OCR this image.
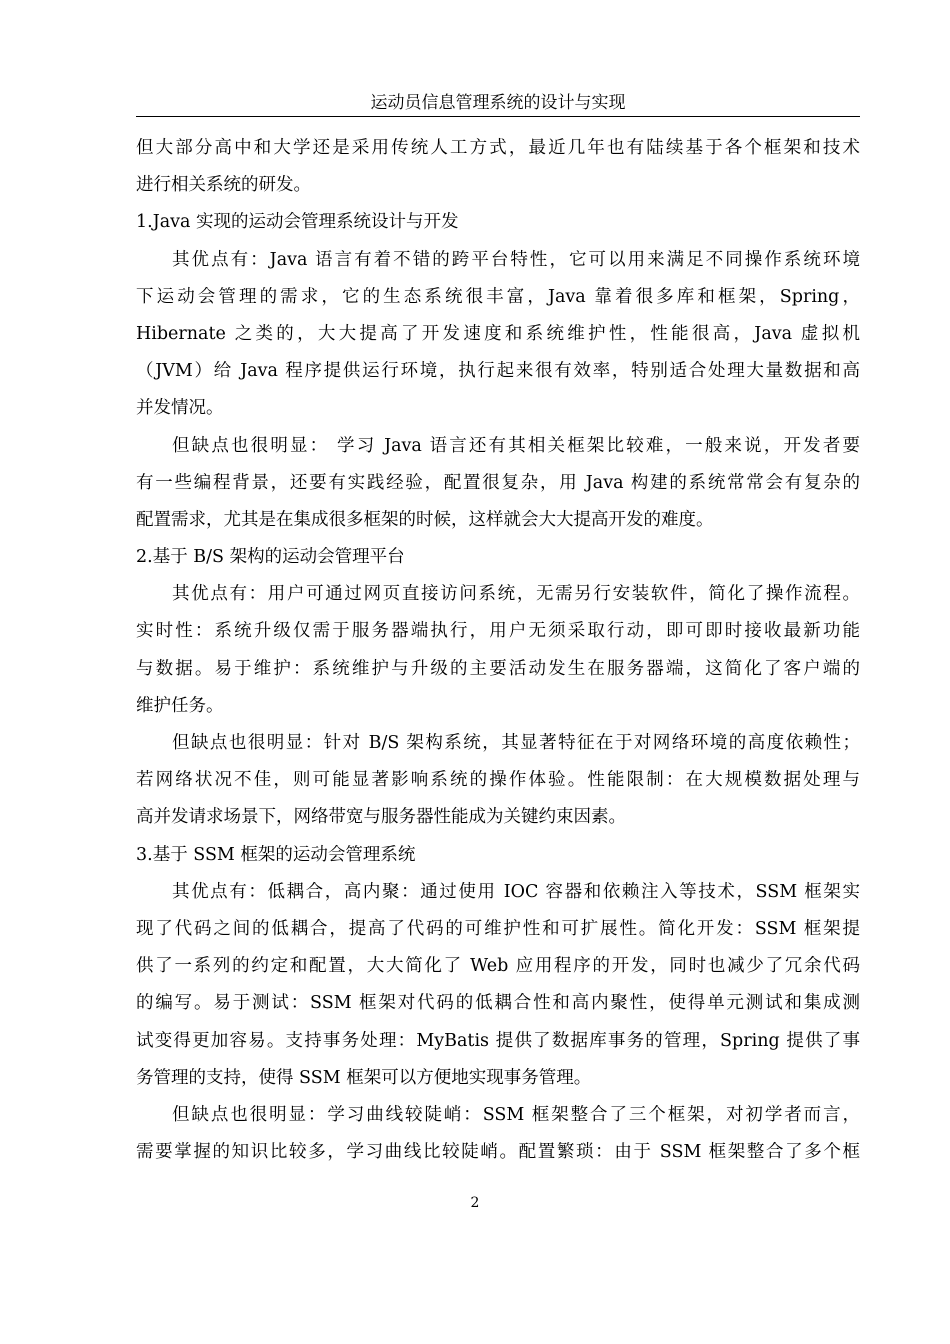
运动员信息管理系统的设计与实现
但大部分高中和大学还是采用传统人工方式，最近几年也有陆续基于各个框架和技术
进行相关系统的研发。
1.Java 实现的运动会管理系统设计与开发
其优点有：Java 语言有着不错的跨平台特性，它可以用来满足不同操作系统环境
下运动会管理的需求，它的生态系统很丰富，Java 靠着很多库和框架，Spring，
Hibernate 之类的，大大提高了开发速度和系统维护性，性能很高，Java 虚拟机
（JVM）给 Java 程序提供运行环境，执行起来很有效率，特别适合处理大量数据和高
并发情况。
但缺点也很明显： 学习 Java 语言还有其相关框架比较难，一般来说，开发者要
有一些编程背景，还要有实践经验，配置很复杂，用 Java 构建的系统常常会有复杂的
配置需求，尤其是在集成很多框架的时候，这样就会大大提高开发的难度。
2.基于 B/S 架构的运动会管理平台
其优点有：用户可通过网页直接访问系统，无需另行安装软件，简化了操作流程。
实时性：系统升级仅需于服务器端执行，用户无须采取行动，即可即时接收最新功能
与数据。易于维护：系统维护与升级的主要活动发生在服务器端，这简化了客户端的
维护任务。
但缺点也很明显：针对 B/S 架构系统，其显著特征在于对网络环境的高度依赖性；
若网络状况不佳，则可能显著影响系统的操作体验。性能限制：在大规模数据处理与
高并发请求场景下，网络带宽与服务器性能成为关键约束因素。
3.基于 SSM 框架的运动会管理系统
其优点有：低耦合，高内聚：通过使用 IOC 容器和依赖注入等技术，SSM 框架实
现了代码之间的低耦合，提高了代码的可维护性和可扩展性。简化开发：SSM 框架提
供了一系列的约定和配置，大大简化了 Web 应用程序的开发，同时也减少了冗余代码
的编写。易于测试：SSM 框架对代码的低耦合性和高内聚性，使得单元测试和集成测
试变得更加容易。支持事务处理：MyBatis 提供了数据库事务的管理，Spring 提供了事
务管理的支持，使得 SSM 框架可以方便地实现事务管理。
但缺点也很明显：学习曲线较陡峭：SSM 框架整合了三个框架，对初学者而言，
需要掌握的知识比较多，学习曲线比较陡峭。配置繁琐：由于 SSM 框架整合了多个框
2
